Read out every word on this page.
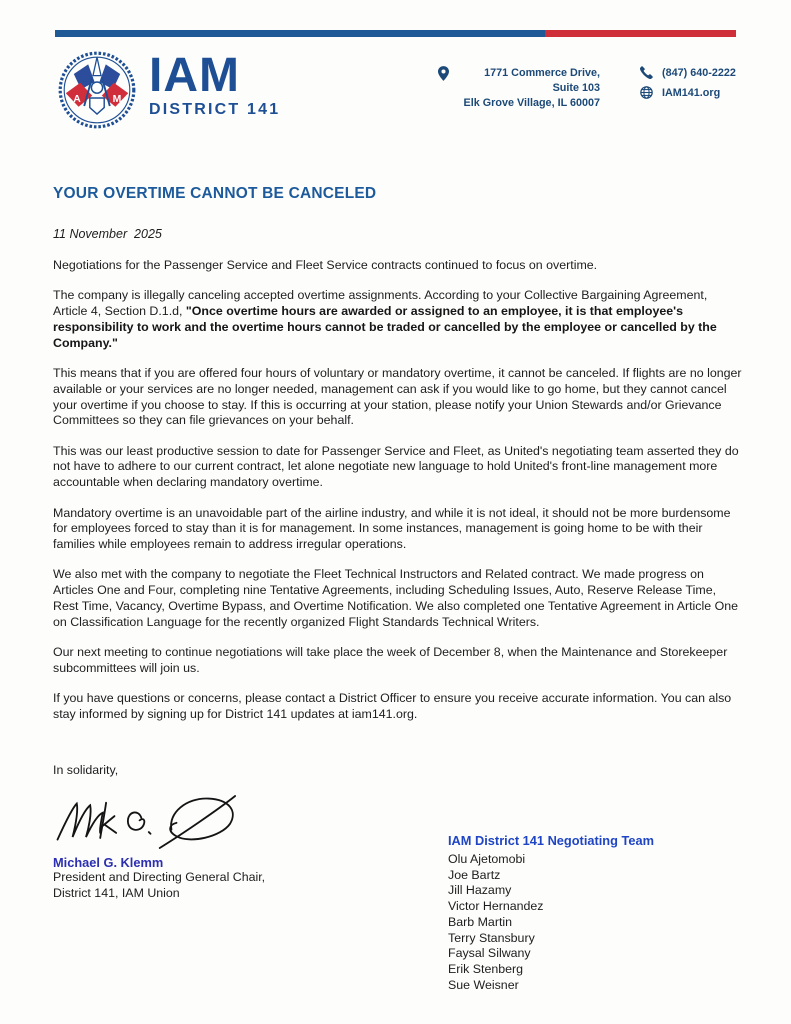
A M IAM
DISTRICT 141
1771 Commerce Drive, Suite 103
Elk Grove Village, IL 60007
(847) 640-2222
IAM141.org
YOUR OVERTIME CANNOT BE CANCELED
11 November  2025

Negotiations for the Passenger Service and Fleet Service contracts continued to focus on overtime.

The company is illegally canceling accepted overtime assignments. According to your Collective Bargaining Agreement, Article 4, Section D.1.d, "Once overtime hours are awarded or assigned to an employee, it is that employee's responsibility to work and the overtime hours cannot be traded or cancelled by the employee or cancelled by the Company."

This means that if you are offered four hours of voluntary or mandatory overtime, it cannot be canceled. If flights are no longer available or your services are no longer needed, management can ask if you would like to go home, but they cannot cancel your overtime if you choose to stay. If this is occurring at your station, please notify your Union Stewards and/or Grievance Committees so they can file grievances on your behalf.

This was our least productive session to date for Passenger Service and Fleet, as United's negotiating team asserted they do not have to adhere to our current contract, let alone negotiate new language to hold United's front-line management more accountable when declaring mandatory overtime.

Mandatory overtime is an unavoidable part of the airline industry, and while it is not ideal, it should not be more burdensome for employees forced to stay than it is for management. In some instances, management is going home to be with their families while employees remain to address irregular operations.

We also met with the company to negotiate the Fleet Technical Instructors and Related contract. We made progress on Articles One and Four, completing nine Tentative Agreements, including Scheduling Issues, Auto, Reserve Release Time, Rest Time, Vacancy, Overtime Bypass, and Overtime Notification. We also completed one Tentative Agreement in Article One on Classification Language for the recently organized Flight Standards Technical Writers.

Our next meeting to continue negotiations will take place the week of December 8, when the Maintenance and Storekeeper subcommittees will join us.

If you have questions or concerns, please contact a District Officer to ensure you receive accurate information. You can also stay informed by signing up for District 141 updates at iam141.org.

In solidarity,
Michael G. Klemm
President and Directing General Chair,
District 141, IAM Union
IAM District 141 Negotiating Team
Olu Ajetomobi
Joe Bartz
Jill Hazamy
Victor Hernandez
Barb Martin
Terry Stansbury
Faysal Silwany
Erik Stenberg
Sue Weisner
